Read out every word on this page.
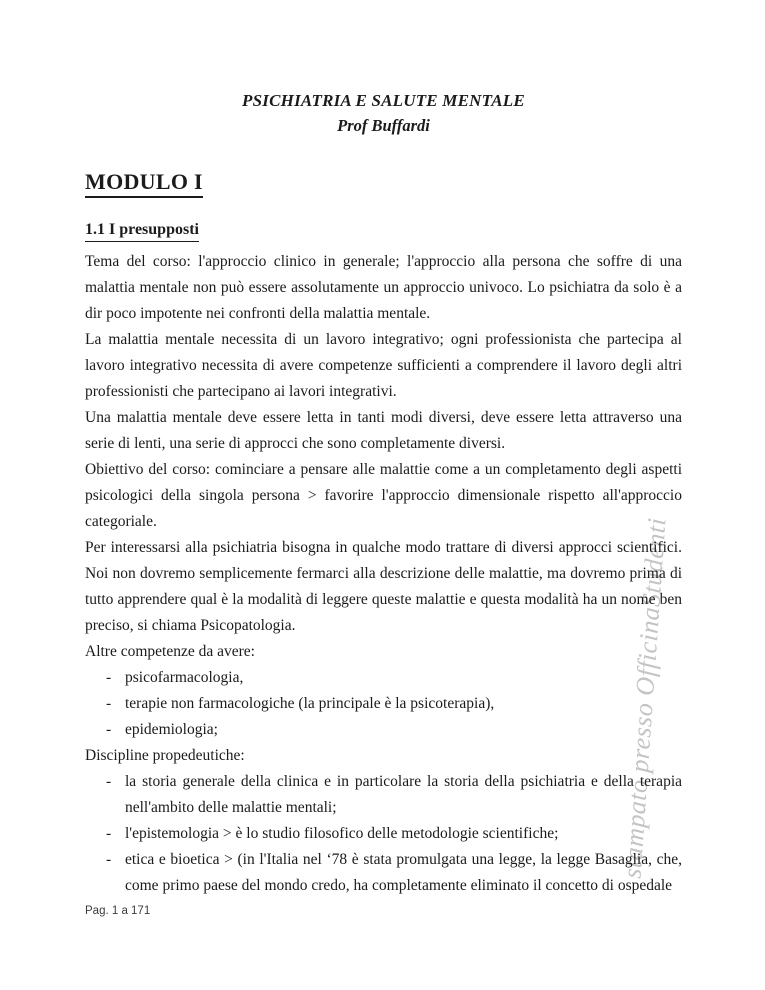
stampato presso OfficinaStudenti

PSICHIATRIA E SALUTE MENTALE

Prof Buffardi

MODULO I
1.1 I presupposti

Tema del corso: l'approccio clinico in generale; l'approccio alla persona che soffre di una malattia mentale non può essere assolutamente un approccio univoco. Lo psichiatra da solo è a dir poco impotente nei confronti della malattia mentale.

La malattia mentale necessita di un lavoro integrativo; ogni professionista che partecipa al lavoro integrativo necessita di avere competenze sufficienti a comprendere il lavoro degli altri professionisti che partecipano ai lavori integrativi.

Una malattia mentale deve essere letta in tanti modi diversi, deve essere letta attraverso una serie di lenti, una serie di approcci che sono completamente diversi.

Obiettivo del corso: cominciare a pensare alle malattie come a un completamento degli aspetti psicologici della singola persona > favorire l'approccio dimensionale rispetto all'approccio categoriale.

Per interessarsi alla psichiatria bisogna in qualche modo trattare di diversi approcci scientifici. Noi non dovremo semplicemente fermarci alla descrizione delle malattie, ma dovremo prima di tutto apprendere qual è la modalità di leggere queste malattie e questa modalità ha un nome ben preciso, si chiama Psicopatologia.

Altre competenze da avere:

- psicofarmacologia,
- terapie non farmacologiche (la principale è la psicoterapia),
- epidemiologia;

Discipline propedeutiche:

- la storia generale della clinica e in particolare la storia della psichiatria e della terapia nell'ambito delle malattie mentali;
- l'epistemologia > è lo studio filosofico delle metodologie scientifiche;
- etica e bioetica > (in l'Italia nel ‘78 è stata promulgata una legge, la legge Basaglia, che, come primo paese del mondo credo, ha completamente eliminato il concetto di ospedale
Pag. 1 a 171
